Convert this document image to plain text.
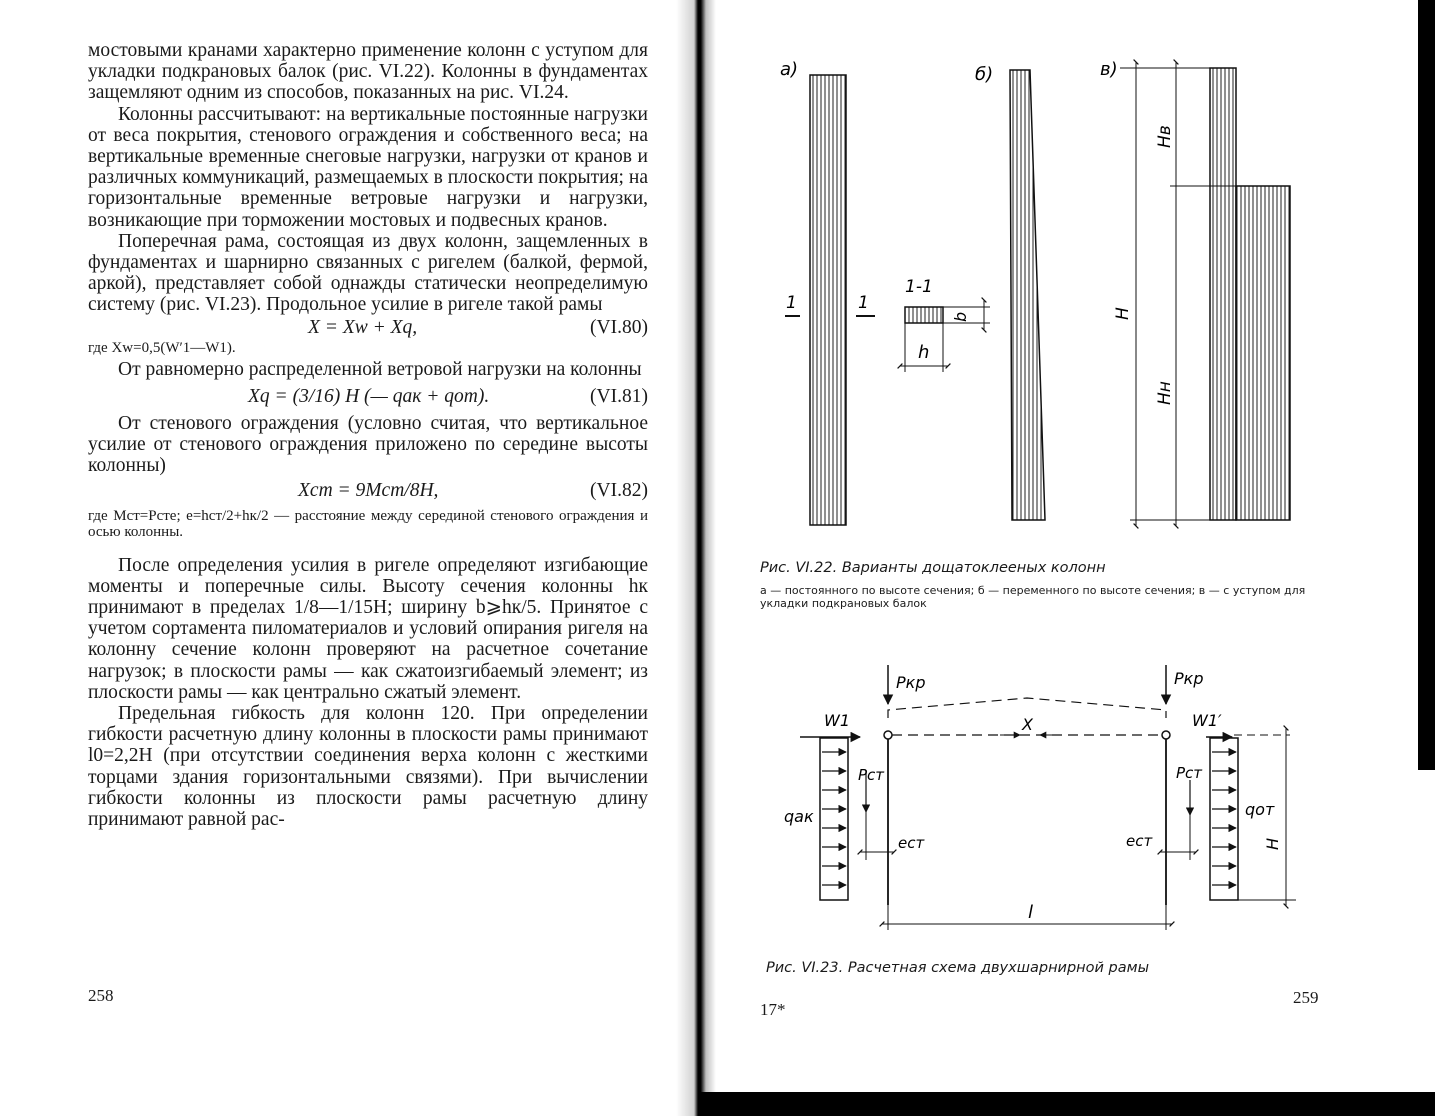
мостовыми кранами характерно применение колонн с уступом для укладки подкрановых балок (рис. VI.22). Колонны в фундаментах защемляют одним из способов, показанных на рис. VI.24.

Колонны рассчитывают: на вертикальные постоянные нагрузки от веса покрытия, стенового ограждения и собственного веса; на вертикальные временные снеговые нагрузки, нагрузки от кранов и различных коммуникаций, размещаемых в плоскости покрытия; на горизонтальные временные ветровые нагрузки и нагрузки, возникающие при торможении мостовых и подвесных кранов.

Поперечная рама, состоящая из двух колонн, защемленных в фундаментах и шарнирно связанных с ригелем (балкой, фермой, аркой), представляет собой однажды статически неопределимую систему (рис. VI.23). Продольное усилие в ригеле такой рамы

X = Xw + Xq,	(VI.80)

где Xw=0,5(W′1—W1).

От равномерно распределенной ветровой нагрузки на колонны

Xq = (3/16) H (— qак + qот).	(VI.81)

От стенового ограждения (условно считая, что вертикальное усилие от стенового ограждения приложено по середине высоты колонны)

Xст = 9Mст/8H,	(VI.82)

где Mст=Pстe; e=hст/2+hк/2 — расстояние между серединой стенового ограждения и осью колонны.

После определения усилия в ригеле определяют изгибающие моменты и поперечные силы. Высоту сечения колонны hк принимают в пределах 1/8—1/15H; ширину b⩾hк/5. Принятое с учетом сортамента пиломатериалов и условий опирания ригеля на колонну сечение колонн проверяют на расчетное сочетание нагрузок; в плоскости рамы — как сжатоизгибаемый элемент; из плоскости рамы — как центрально сжатый элемент.

Предельная гибкость для колонн 120. При определении гибкости расчетную длину колонны в плоскости рамы принимают l0=2,2H (при отсутствии соединения верха колонн с жесткими торцами здания горизонтальными связями). При вычислении гибкости колонны из плоскости рамы расчетную длину принимают равной рас-

258
а)	б)	в)
1	1
1-1
h
b
Hв
H
Hн
Pкр	Pкр
W1	W1′
X
Pст	Pст
qак	qот
eст	eст	H
l
Рис. VI.22. Варианты дощатоклееных колонн
а — постоянного по высоте сечения; б — переменного по высоте сечения; в — с уступом для укладки подкрановых балок
Рис. VI.23. Расчетная схема двухшарнирной рамы
17*
259
